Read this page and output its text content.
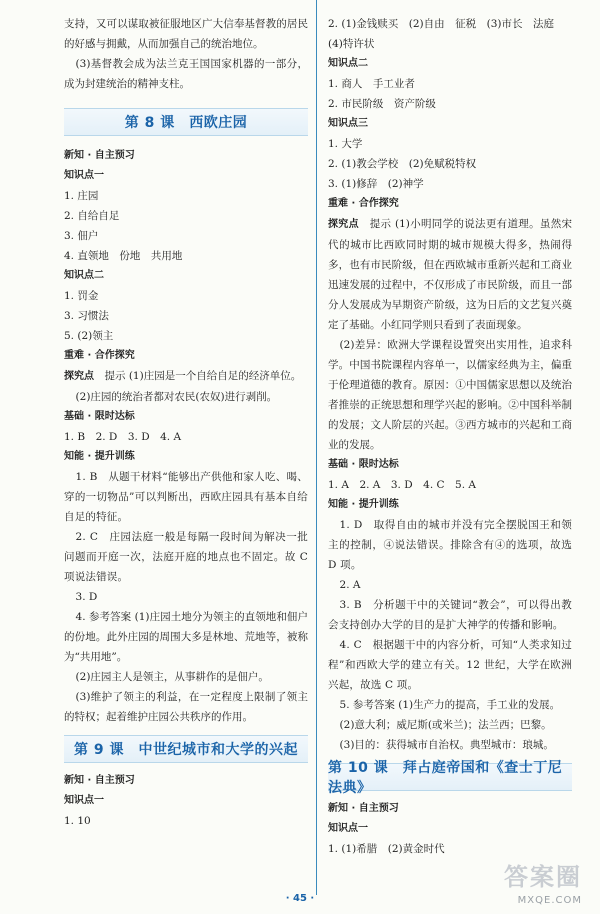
支持，又可以谋取被征服地区广大信奉基督教的居民的好感与拥戴，从而加强自己的统治地位。

(3)基督教会成为法兰克王国国家机器的一部分，成为封建统治的精神支柱。

第 8 课　西欧庄园

新知 · 自主预习

知识点一

1. 庄园

2. 自给自足

3. 佃户

4. 直领地　份地　共用地

知识点二

1. 罚金

3. 习惯法

5. (2)领主

重难 · 合作探究

探究点　 提示 (1)庄园是一个自给自足的经济单位。

(2)庄园的统治者都对农民(农奴)进行剥削。

基础 · 限时达标

1. B　2. D　3. D　4. A

知能 · 提升训练

1. B　从题干材料“能够出产供他和家人吃、喝、穿的一切物品”可以判断出，西欧庄园具有基本自给自足的特征。

2. C　庄园法庭一般是每隔一段时间为解决一批问题而开庭一次，法庭开庭的地点也不固定。故 C 项说法错误。

3. D

4. 参考答案 (1)庄园土地分为领主的直领地和佃户的份地。此外庄园的周围大多是林地、荒地等，被称为“共用地”。

(2)庄园主人是领主，从事耕作的是佃户。

(3)维护了领主的利益，在一定程度上限制了领主的特权；起着维护庄园公共秩序的作用。

第 9 课　中世纪城市和大学的兴起

新知 · 自主预习

知识点一

1. 10

2. (1)金钱赎买　(2)自由　征税　(3)市长　法庭

(4)特许状

知识点二

1. 商人　手工业者

2. 市民阶级　资产阶级

知识点三

1. 大学

2. (1)教会学校　(2)免赋税特权

3. (1)修辞　(2)神学

重难 · 合作探究

探究点　 提示 (1)小明同学的说法更有道理。虽然宋代的城市比西欧同时期的城市规模大得多，热闹得多，也有市民阶级，但在西欧城市重新兴起和工商业迅速发展的过程中，不仅形成了市民阶级，而且一部分人发展成为早期资产阶级，这为日后的文艺复兴奠定了基础。小红同学则只看到了表面现象。

(2)差异：欧洲大学课程设置突出实用性，追求科学。中国书院课程内容单一，以儒家经典为主，偏重于伦理道德的教育。原因：①中国儒家思想以及统治者推崇的正统思想和理学兴起的影响。②中国科举制的发展；文人阶层的兴起。③西方城市的兴起和工商业的发展。

基础 · 限时达标

1. A　2. A　3. D　4. C　5. A

知能 · 提升训练

1. D　取得自由的城市并没有完全摆脱国王和领主的控制，④说法错误。排除含有④的选项，故选 D 项。

2. A

3. B　分析题干中的关键词“教会”，可以得出教会支持创办大学的目的是扩大神学的传播和影响。

4. C　根据题干中的内容分析，可知“人类求知过程”和西欧大学的建立有关。12 世纪，大学在欧洲兴起，故选 C 项。

5. 参考答案 (1)生产力的提高，手工业的发展。

(2)意大利；威尼斯(或米兰)；法兰西；巴黎。

(3)目的：获得城市自治权。典型城市：琅城。

第 10 课　拜占庭帝国和《查士丁尼法典》

新知 · 自主预习

知识点一

1. (1)希腊　(2)黄金时代

· 45 ·
答案圈
MXQE.COM
